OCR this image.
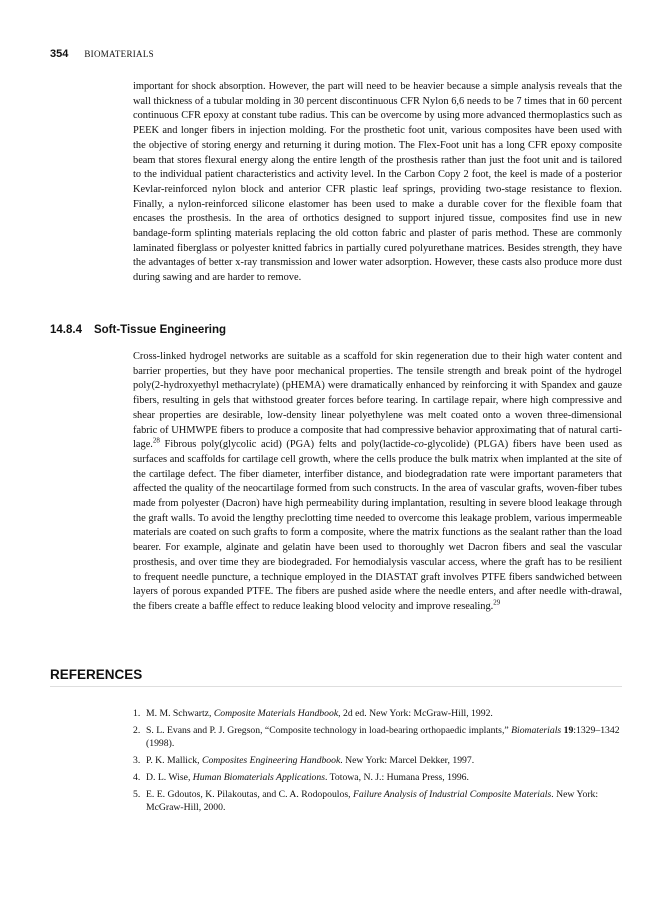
354 BIOMATERIALS

important for shock absorption. However, the part will need to be heavier because a simple analysis reveals that the wall thickness of a tubular molding in 30 percent discontinuous CFR Nylon 6,6 needs to be 7 times that in 60 percent continuous CFR epoxy at constant tube radius. This can be overcome by using more advanced thermoplastics such as PEEK and longer fibers in injection molding. For the prosthetic foot unit, various composites have been used with the objective of storing energy and returning it during motion. The Flex-Foot unit has a long CFR epoxy composite beam that stores flexural energy along the entire length of the prosthesis rather than just the foot unit and is tailored to the individual patient characteristics and activity level. In the Carbon Copy 2 foot, the keel is made of a posterior Kevlar-reinforced nylon block and anterior CFR plastic leaf springs, providing two-stage resistance to flexion. Finally, a nylon-reinforced silicone elastomer has been used to make a durable cover for the flexible foam that encases the prosthesis. In the area of orthotics designed to support injured tissue, composites find use in new bandage-form splinting materials replacing the old cotton fabric and plaster of paris method. These are commonly laminated fiberglass or polyester knitted fabrics in partially cured polyurethane matrices. Besides strength, they have the advantages of better x-ray transmission and lower water adsorption. However, these casts also produce more dust during sawing and are harder to remove.

14.8.4 Soft-Tissue Engineering

Cross-linked hydrogel networks are suitable as a scaffold for skin regeneration due to their high water content and barrier properties, but they have poor mechanical properties. The tensile strength and break point of the hydrogel poly(2-hydroxyethyl methacrylate) (pHEMA) were dramatically enhanced by reinforcing it with Spandex and gauze fibers, resulting in gels that withstood greater forces before tearing. In cartilage repair, where high compressive and shear properties are desirable, low-density linear polyethylene was melt coated onto a woven three-dimensional fabric of UHMWPE fibers to produce a composite that had compressive behavior approximating that of natural carti-lage.$^{28}$ Fibrous poly(glycolic acid) (PGA) felts and poly(lactide-co-glycolide) (PLGA) fibers have been used as surfaces and scaffolds for cartilage cell growth, where the cells produce the bulk matrix when implanted at the site of the cartilage defect. The fiber diameter, interfiber distance, and biodegradation rate were important parameters that affected the quality of the neocartilage formed from such constructs. In the area of vascular grafts, woven-fiber tubes made from polyester (Dacron) have high permeability during implantation, resulting in severe blood leakage through the graft walls. To avoid the lengthy preclotting time needed to overcome this leakage problem, various impermeable materials are coated on such grafts to form a composite, where the matrix functions as the sealant rather than the load bearer. For example, alginate and gelatin have been used to thoroughly wet Dacron fibers and seal the vascular prosthesis, and over time they are biodegraded. For hemodialysis vascular access, where the graft has to be resilient to frequent needle puncture, a technique employed in the DIASTAT graft involves PTFE fibers sandwiched between layers of porous expanded PTFE. The fibers are pushed aside where the needle enters, and after needle with-drawal, the fibers create a baffle effect to reduce leaking blood velocity and improve resealing.$^{29}$

REFERENCES
1. M. M. Schwartz, Composite Materials Handbook, 2d ed. New York: McGraw-Hill, 1992.
2. S. L. Evans and P. J. Gregson, “Composite technology in load-bearing orthopaedic implants,” Biomaterials 19:1329–1342 (1998).
3. P. K. Mallick, Composites Engineering Handbook. New York: Marcel Dekker, 1997.
4. D. L. Wise, Human Biomaterials Applications. Totowa, N. J.: Humana Press, 1996.
5. E. E. Gdoutos, K. Pilakoutas, and C. A. Rodopoulos, Failure Analysis of Industrial Composite Materials. New York: McGraw-Hill, 2000.
